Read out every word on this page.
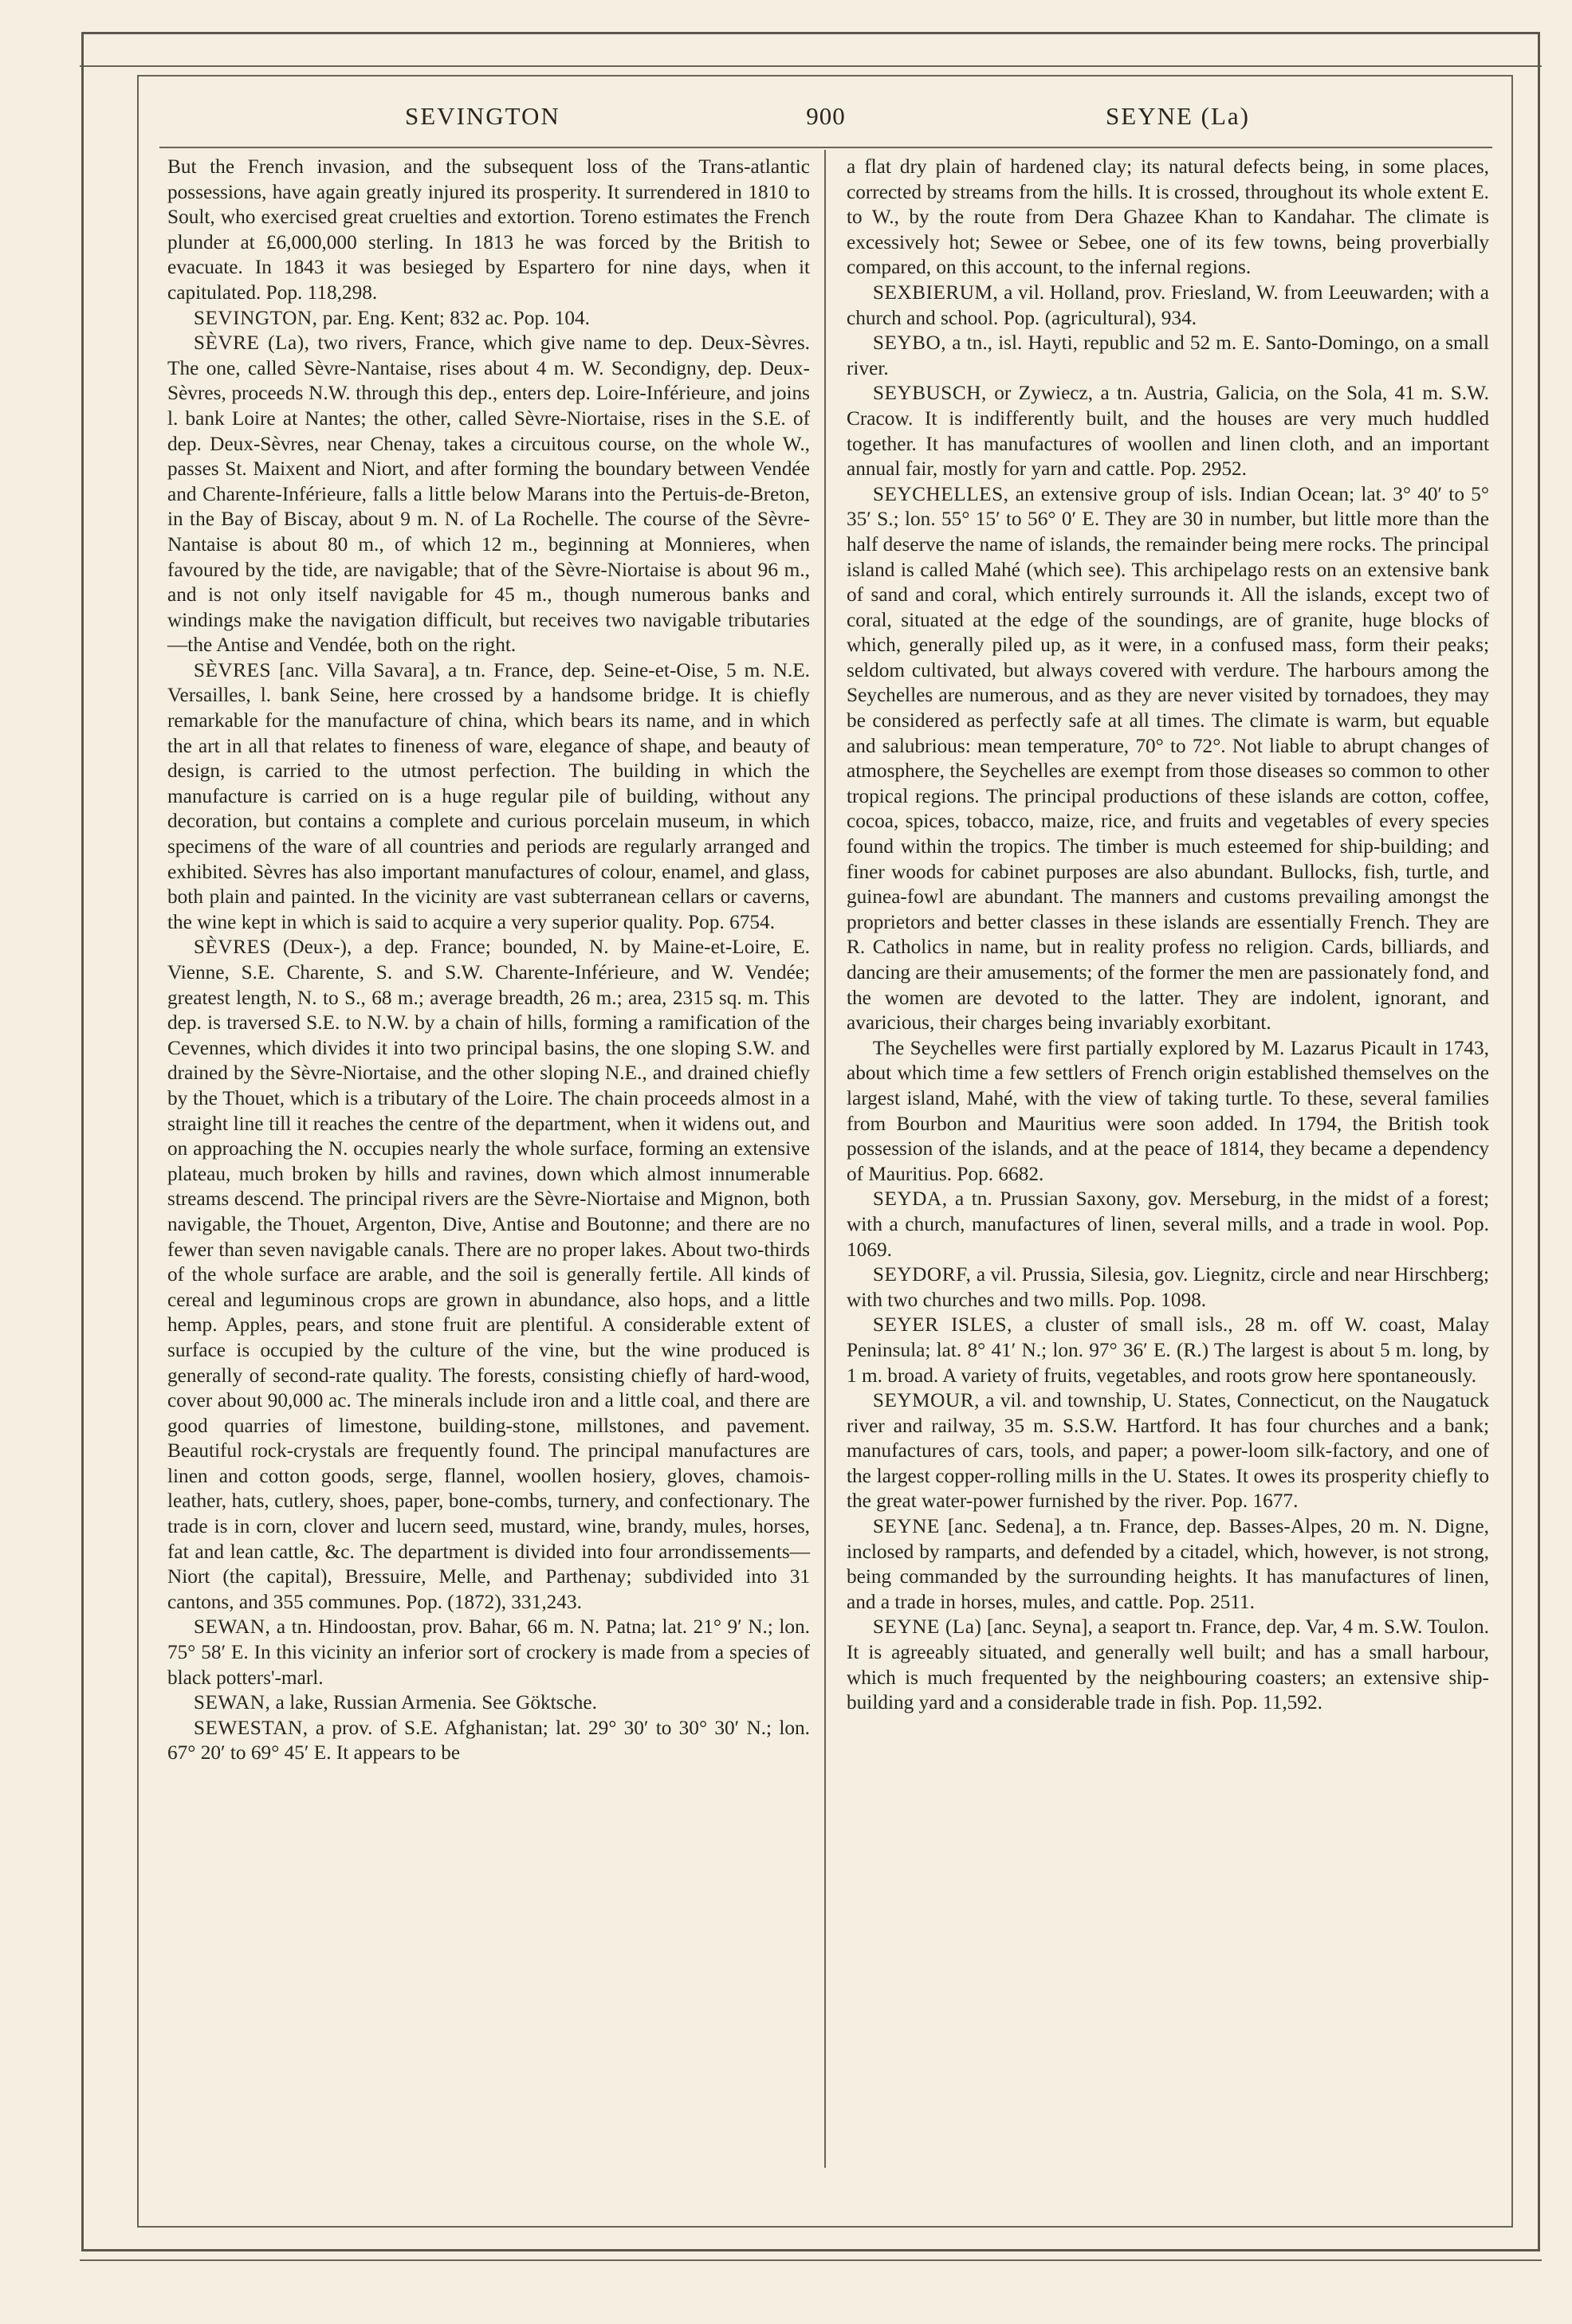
SEVINGTON	900	SEYNE (La)

But the French invasion, and the subsequent loss of the Trans-atlantic possessions, have again greatly injured its prosperity. It surrendered in 1810 to Soult, who exercised great cruelties and extortion. Toreno estimates the French plunder at £6,000,000 sterling. In 1813 he was forced by the British to evacuate. In 1843 it was besieged by Espartero for nine days, when it capitulated. Pop. 118,298.

SEVINGTON, par. Eng. Kent; 832 ac. Pop. 104.

SÈVRE (La), two rivers, France, which give name to dep. Deux-Sèvres. The one, called Sèvre-Nantaise, rises about 4 m. W. Secondigny, dep. Deux-Sèvres, proceeds N.W. through this dep., enters dep. Loire-Inférieure, and joins l. bank Loire at Nantes; the other, called Sèvre-Niortaise, rises in the S.E. of dep. Deux-Sèvres, near Chenay, takes a circuitous course, on the whole W., passes St. Maixent and Niort, and after forming the boundary between Vendée and Charente-Inférieure, falls a little below Marans into the Pertuis-de-Breton, in the Bay of Biscay, about 9 m. N. of La Rochelle. The course of the Sèvre-Nantaise is about 80 m., of which 12 m., beginning at Monnieres, when favoured by the tide, are navigable; that of the Sèvre-Niortaise is about 96 m., and is not only itself navigable for 45 m., though numerous banks and windings make the navigation difficult, but receives two navigable tributaries—the Antise and Vendée, both on the right.

SÈVRES [anc. Villa Savara], a tn. France, dep. Seine-et-Oise, 5 m. N.E. Versailles, l. bank Seine, here crossed by a handsome bridge. It is chiefly remarkable for the manufacture of china, which bears its name, and in which the art in all that relates to fineness of ware, elegance of shape, and beauty of design, is carried to the utmost perfection. The building in which the manufacture is carried on is a huge regular pile of building, without any decoration, but contains a complete and curious porcelain museum, in which specimens of the ware of all countries and periods are regularly arranged and exhibited. Sèvres has also important manufactures of colour, enamel, and glass, both plain and painted. In the vicinity are vast subterranean cellars or caverns, the wine kept in which is said to acquire a very superior quality. Pop. 6754.

SÈVRES (Deux-), a dep. France; bounded, N. by Maine-et-Loire, E. Vienne, S.E. Charente, S. and S.W. Charente-Inférieure, and W. Vendée; greatest length, N. to S., 68 m.; average breadth, 26 m.; area, 2315 sq. m. This dep. is traversed S.E. to N.W. by a chain of hills, forming a ramification of the Cevennes, which divides it into two principal basins, the one sloping S.W. and drained by the Sèvre-Niortaise, and the other sloping N.E., and drained chiefly by the Thouet, which is a tributary of the Loire. The chain proceeds almost in a straight line till it reaches the centre of the department, when it widens out, and on approaching the N. occupies nearly the whole surface, forming an extensive plateau, much broken by hills and ravines, down which almost innumerable streams descend. The principal rivers are the Sèvre-Niortaise and Mignon, both navigable, the Thouet, Argenton, Dive, Antise and Boutonne; and there are no fewer than seven navigable canals. There are no proper lakes. About two-thirds of the whole surface are arable, and the soil is generally fertile. All kinds of cereal and leguminous crops are grown in abundance, also hops, and a little hemp. Apples, pears, and stone fruit are plentiful. A considerable extent of surface is occupied by the culture of the vine, but the wine produced is generally of second-rate quality. The forests, consisting chiefly of hard-wood, cover about 90,000 ac. The minerals include iron and a little coal, and there are good quarries of limestone, building-stone, millstones, and pavement. Beautiful rock-crystals are frequently found. The principal manufactures are linen and cotton goods, serge, flannel, woollen hosiery, gloves, chamois-leather, hats, cutlery, shoes, paper, bone-combs, turnery, and confectionary. The trade is in corn, clover and lucern seed, mustard, wine, brandy, mules, horses, fat and lean cattle, &c. The department is divided into four arrondissements—Niort (the capital), Bressuire, Melle, and Parthenay; subdivided into 31 cantons, and 355 communes. Pop. (1872), 331,243.

SEWAN, a tn. Hindoostan, prov. Bahar, 66 m. N. Patna; lat. 21° 9′ N.; lon. 75° 58′ E. In this vicinity an inferior sort of crockery is made from a species of black potters'-marl.

SEWAN, a lake, Russian Armenia. See Göktsche.

SEWESTAN, a prov. of S.E. Afghanistan; lat. 29° 30′ to 30° 30′ N.; lon. 67° 20′ to 69° 45′ E. It appears to be

a flat dry plain of hardened clay; its natural defects being, in some places, corrected by streams from the hills. It is crossed, throughout its whole extent E. to W., by the route from Dera Ghazee Khan to Kandahar. The climate is excessively hot; Sewee or Sebee, one of its few towns, being proverbially compared, on this account, to the infernal regions.

SEXBIERUM, a vil. Holland, prov. Friesland, W. from Leeuwarden; with a church and school. Pop. (agricultural), 934.

SEYBO, a tn., isl. Hayti, republic and 52 m. E. Santo-Domingo, on a small river.

SEYBUSCH, or Zywiecz, a tn. Austria, Galicia, on the Sola, 41 m. S.W. Cracow. It is indifferently built, and the houses are very much huddled together. It has manufactures of woollen and linen cloth, and an important annual fair, mostly for yarn and cattle. Pop. 2952.

SEYCHELLES, an extensive group of isls. Indian Ocean; lat. 3° 40′ to 5° 35′ S.; lon. 55° 15′ to 56° 0′ E. They are 30 in number, but little more than the half deserve the name of islands, the remainder being mere rocks. The principal island is called Mahé (which see). This archipelago rests on an extensive bank of sand and coral, which entirely surrounds it. All the islands, except two of coral, situated at the edge of the soundings, are of granite, huge blocks of which, generally piled up, as it were, in a confused mass, form their peaks; seldom cultivated, but always covered with verdure. The harbours among the Seychelles are numerous, and as they are never visited by tornadoes, they may be considered as perfectly safe at all times. The climate is warm, but equable and salubrious: mean temperature, 70° to 72°. Not liable to abrupt changes of atmosphere, the Seychelles are exempt from those diseases so common to other tropical regions. The principal productions of these islands are cotton, coffee, cocoa, spices, tobacco, maize, rice, and fruits and vegetables of every species found within the tropics. The timber is much esteemed for ship-building; and finer woods for cabinet purposes are also abundant. Bullocks, fish, turtle, and guinea-fowl are abundant. The manners and customs prevailing amongst the proprietors and better classes in these islands are essentially French. They are R. Catholics in name, but in reality profess no religion. Cards, billiards, and dancing are their amusements; of the former the men are passionately fond, and the women are devoted to the latter. They are indolent, ignorant, and avaricious, their charges being invariably exorbitant.

The Seychelles were first partially explored by M. Lazarus Picault in 1743, about which time a few settlers of French origin established themselves on the largest island, Mahé, with the view of taking turtle. To these, several families from Bourbon and Mauritius were soon added. In 1794, the British took possession of the islands, and at the peace of 1814, they became a dependency of Mauritius. Pop. 6682.

SEYDA, a tn. Prussian Saxony, gov. Merseburg, in the midst of a forest; with a church, manufactures of linen, several mills, and a trade in wool. Pop. 1069.

SEYDORF, a vil. Prussia, Silesia, gov. Liegnitz, circle and near Hirschberg; with two churches and two mills. Pop. 1098.

SEYER ISLES, a cluster of small isls., 28 m. off W. coast, Malay Peninsula; lat. 8° 41′ N.; lon. 97° 36′ E. (R.) The largest is about 5 m. long, by 1 m. broad. A variety of fruits, vegetables, and roots grow here spontaneously.

SEYMOUR, a vil. and township, U. States, Connecticut, on the Naugatuck river and railway, 35 m. S.S.W. Hartford. It has four churches and a bank; manufactures of cars, tools, and paper; a power-loom silk-factory, and one of the largest copper-rolling mills in the U. States. It owes its prosperity chiefly to the great water-power furnished by the river. Pop. 1677.

SEYNE [anc. Sedena], a tn. France, dep. Basses-Alpes, 20 m. N. Digne, inclosed by ramparts, and defended by a citadel, which, however, is not strong, being commanded by the surrounding heights. It has manufactures of linen, and a trade in horses, mules, and cattle. Pop. 2511.

SEYNE (La) [anc. Seyna], a seaport tn. France, dep. Var, 4 m. S.W. Toulon. It is agreeably situated, and generally well built; and has a small harbour, which is much frequented by the neighbouring coasters; an extensive ship-building yard and a considerable trade in fish. Pop. 11,592.
